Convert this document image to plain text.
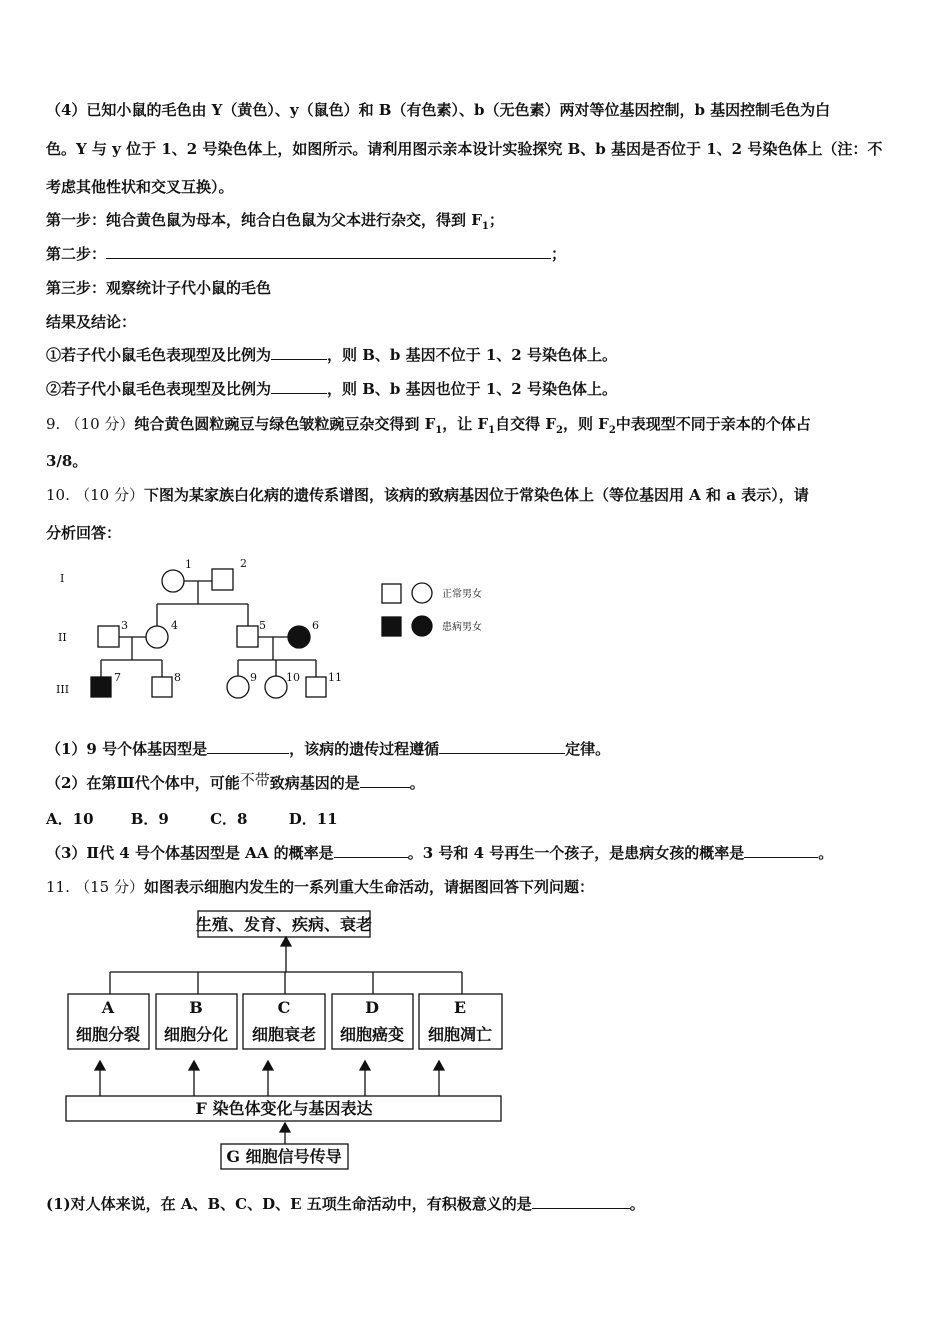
（4）已知小鼠的毛色由 Y（黄色）、y（鼠色）和 B（有色素）、b（无色素）两对等位基因控制，b 基因控制毛色为白
色。Y 与 y 位于 1、2 号染色体上，如图所示。请利用图示亲本设计实验探究 B、b 基因是否位于 1、2 号染色体上（注：不
考虑其他性状和交叉互换）。
第一步：纯合黄色鼠为母本，纯合白色鼠为父本进行杂交，得到 $F_1$；
第二步：	；
第三步：观察统计子代小鼠的毛色
结果及结论：
①若子代小鼠毛色表现型及比例为	，则 B、b 基因不位于 1、2 号染色体上。
②若子代小鼠毛色表现型及比例为	，则 B、b 基因也位于 1、2 号染色体上。
9. （10 分）纯合黄色圆粒豌豆与绿色皱粒豌豆杂交得到 $F_1$，让 $F_1$自交得 $F_2$，则 $F_2$中表现型不同于亲本的个体占
3/8。
10. （10 分）下图为某家族白化病的遗传系谱图，该病的致病基因位于常染色体上（等位基因用 A 和 a 表示），请
分析回答：
I
II
III
1	2
3	4	5	6
7	8	9	10	11
正常男女
患病男女
（1）9 号个体基因型是	，该病的遗传过程遵循	定律。
（2）在第Ⅲ代个体中，可能不带致病基因的是	。
A．10 B．9	C．8	D．11
（3）Ⅱ代 4 号个体基因型是 AA 的概率是	。3 号和 4 号再生一个孩子，是患病女孩的概率是	。
11. （15 分）如图表示细胞内发生的一系列重大生命活动，请据图回答下列问题：
生殖、发育、疾病、衰老
A
细胞分裂
B
细胞分化
C
细胞衰老
D
细胞癌变
E
细胞凋亡
F 染色体变化与基因表达
G 细胞信号传导
(1)对人体来说，在 A、B、C、D、E 五项生命活动中，有积极意义的是	。
